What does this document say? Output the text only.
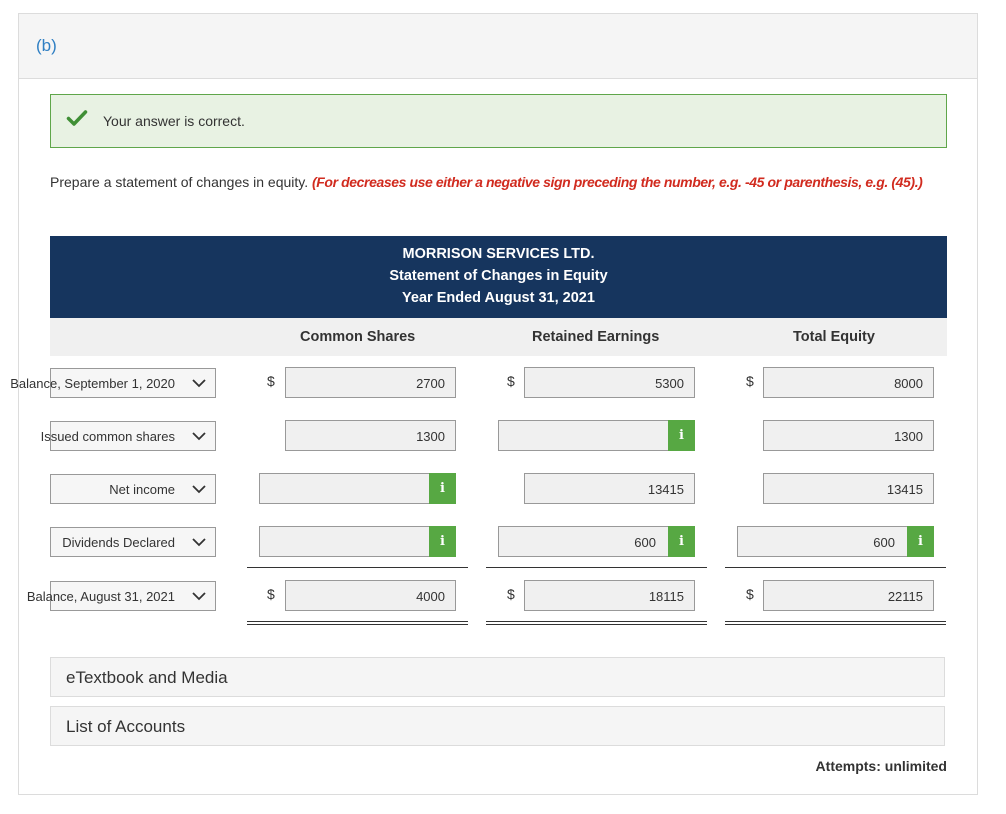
(b)
Your answer is correct.
Prepare a statement of changes in equity. (For decreases use either a negative sign preceding the number, e.g. -45 or parenthesis, e.g. (45).)
MORRISON SERVICES LTD.
Statement of Changes in Equity
Year Ended August 31, 2021
Common Shares	Retained Earnings	Total Equity
Balance, September 1, 2020	$	2700	$	5300	$	8000
Issued common shares	1300	i	1300
Net income	i	13415	13415
Dividends Declared	i	600	i	600	i
Balance, August 31, 2021	$	4000	$	18115	$	22115
eTextbook and Media
List of Accounts
Attempts: unlimited
